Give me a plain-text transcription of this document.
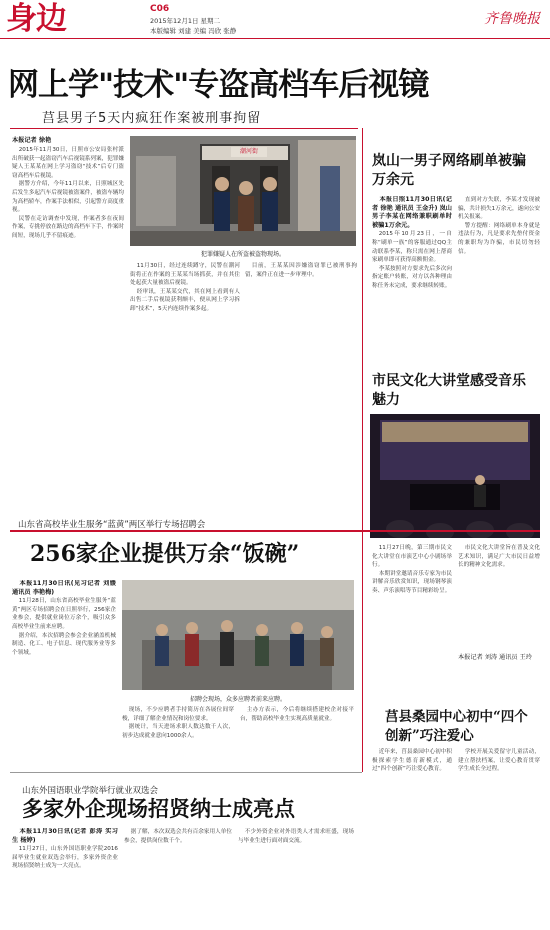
身边	C06
2015年12月1日 星期二
本版编辑 刘建 美编 冯欣 张静
齐鲁晚报
网上学"技术"专盗高档车后视镜
莒县男子5天内疯狂作案被刑事拘留
本报记者 徐艳

2015年11月30日，日照市公安局张村派出所破获一起盗窃汽车后视镜系列案，犯罪嫌疑人王某某在网上学习盗窃“技术”后专门盗窃高档车后视镜。

据警方介绍，今年11月以来，日照城区先后发生多起汽车后视镜被盗案件，被盗车辆均为高档轿车，作案手法相似，引起警方高度重视。

民警在走访调查中发现，作案者多在夜间作案，专挑停放在路边的高档车下手，作案时间短，现场几乎不留痕迹。

潮河街
犯罪嫌疑人在所盗被盗物现场。

11月30日，经过连续蹲守，民警在潮河街将正在作案的王某某当场抓获，并在其住处起获大量被盗后视镜。

经审讯，王某某交代，其在网上看到有人出售二手后视镜获利颇丰，便从网上学习拆卸“技术”，5天内连续作案多起。

目前，王某某因涉嫌盗窃罪已被刑事拘留，案件正在进一步审理中。

岚山一男子网络刷单被骗万余元

本报日照11月30日讯(记者 徐艳 通讯员 王金升) 岚山男子李某在网络兼职刷单时被骗1万余元。

2015年10月23日，一自称“刷单一族”的客服通过QQ主动联系李某，称只需在网上帮商家刷单即可获得高额佣金。

李某按照对方要求先后多次向指定账户转账，对方以各种理由称任务未完成，要求继续转账。

直到对方失联，李某才发现被骗，共计损失1万余元，遂向公安机关报案。

警方提醒：网络刷单本身就是违法行为，凡是要求先垫付资金的兼职均为诈骗，市民切勿轻信。

市民文化大讲堂感受音乐魅力
山东省高校毕业生服务“蓝黄”两区举行专场招聘会
256家企业提供万余“饭碗”

本报11月30日讯(见习记者 刘媛 通讯员 李艳梅)

11月28日，山东省高校毕业生服务“蓝黄”两区专场招聘会在日照举行，256家企业参会，提供就业岗位万余个，吸引众多高校毕业生前来应聘。

据介绍，本次招聘会参会企业涵盖机械制造、化工、电子信息、现代服务业等多个领域。

招聘会现场，众多应聘者前来应聘。

现场，不少应聘者手持简历在各展位间穿梭，详细了解企业情况和岗位要求。

据统计，当天进场求职人数达数千人次，初步达成就业意向1000余人。

主办方表示，今后将继续搭建校企对接平台，帮助高校毕业生实现高质量就业。

11月27日晚，第三期市民文化大讲堂在市演艺中心小剧场举行。

本期讲堂邀请音乐专家为市民讲解音乐欣赏知识，现场钢琴演奏、声乐演唱等节目精彩纷呈。

市民文化大讲堂旨在普及文化艺术知识，满足广大市民日益增长的精神文化需求。

本报记者 刘涛 通讯员 王玲
莒县桑园中心初中“四个创新”巧注爱心

近年来，莒县桑园中心初中积极探索学生德育新模式，通过“四个创新”巧注爱心教育。

学校开展关爱留守儿童活动，建立帮扶档案，让爱心教育贯穿学生成长全过程。

山东外国语职业学院举行就业双选会
多家外企现场招贤纳士成亮点

本报11月30日讯(记者 彭涛 实习生 杨婷)

11月27日，山东外国语职业学院2016届毕业生就业双选会举行，多家外资企业现场招贤纳士成为一大亮点。

据了解，本次双选会共有百余家用人单位参会，提供岗位数千个。

不少外资企业对外语类人才需求旺盛，现场与毕业生进行面对面交流。
